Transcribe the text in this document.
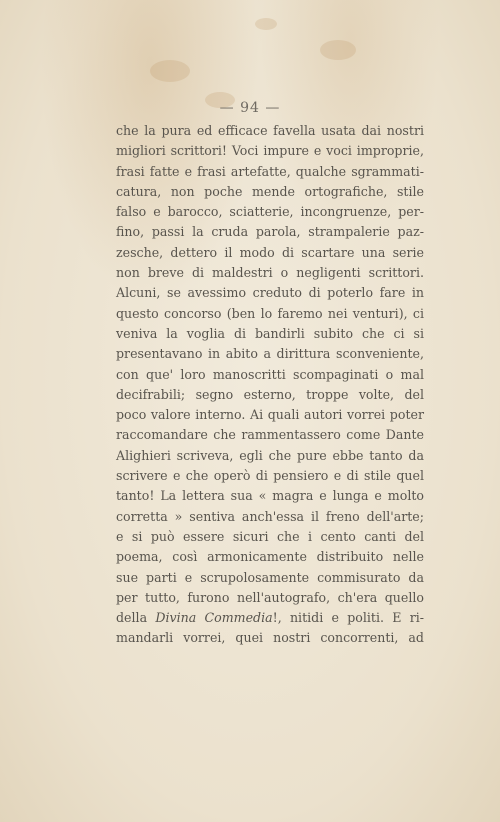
— 94 —
che la pura ed efficace favella usata dai nostri
migliori scrittori! Voci impure e voci improprie,
frasi fatte e frasi artefatte, qualche sgrammati-
catura, non poche mende ortografiche, stile
falso e barocco, sciatterie, incongruenze, per-
fino, passi la cruda parola, strampalerie paz-
zesche, dettero il modo di scartare una serie
non breve di maldestri o negligenti scrittori.
Alcuni, se avessimo creduto di poterlo fare in
questo concorso (ben lo faremo nei venturi), ci
veniva la voglia di bandirli subito che ci si
presentavano in abito a dirittura sconveniente,
con que' loro manoscritti scompaginati o mal
decifrabili; segno esterno, troppe volte, del
poco valore interno. Ai quali autori vorrei poter
raccomandare che rammentassero come Dante
Alighieri scriveva, egli che pure ebbe tanto da
scrivere e che operò di pensiero e di stile quel
tanto! La lettera sua « magra e lunga e molto
corretta » sentiva anch'essa il freno dell'arte;
e si può essere sicuri che i cento canti del
poema, così armonicamente distribuito nelle
sue parti e scrupolosamente commisurato da
per tutto, furono nell'autografo, ch'era quello
della Divina Commedia!, nitidi e politi. E ri-
mandarli vorrei, quei nostri concorrenti, ad
